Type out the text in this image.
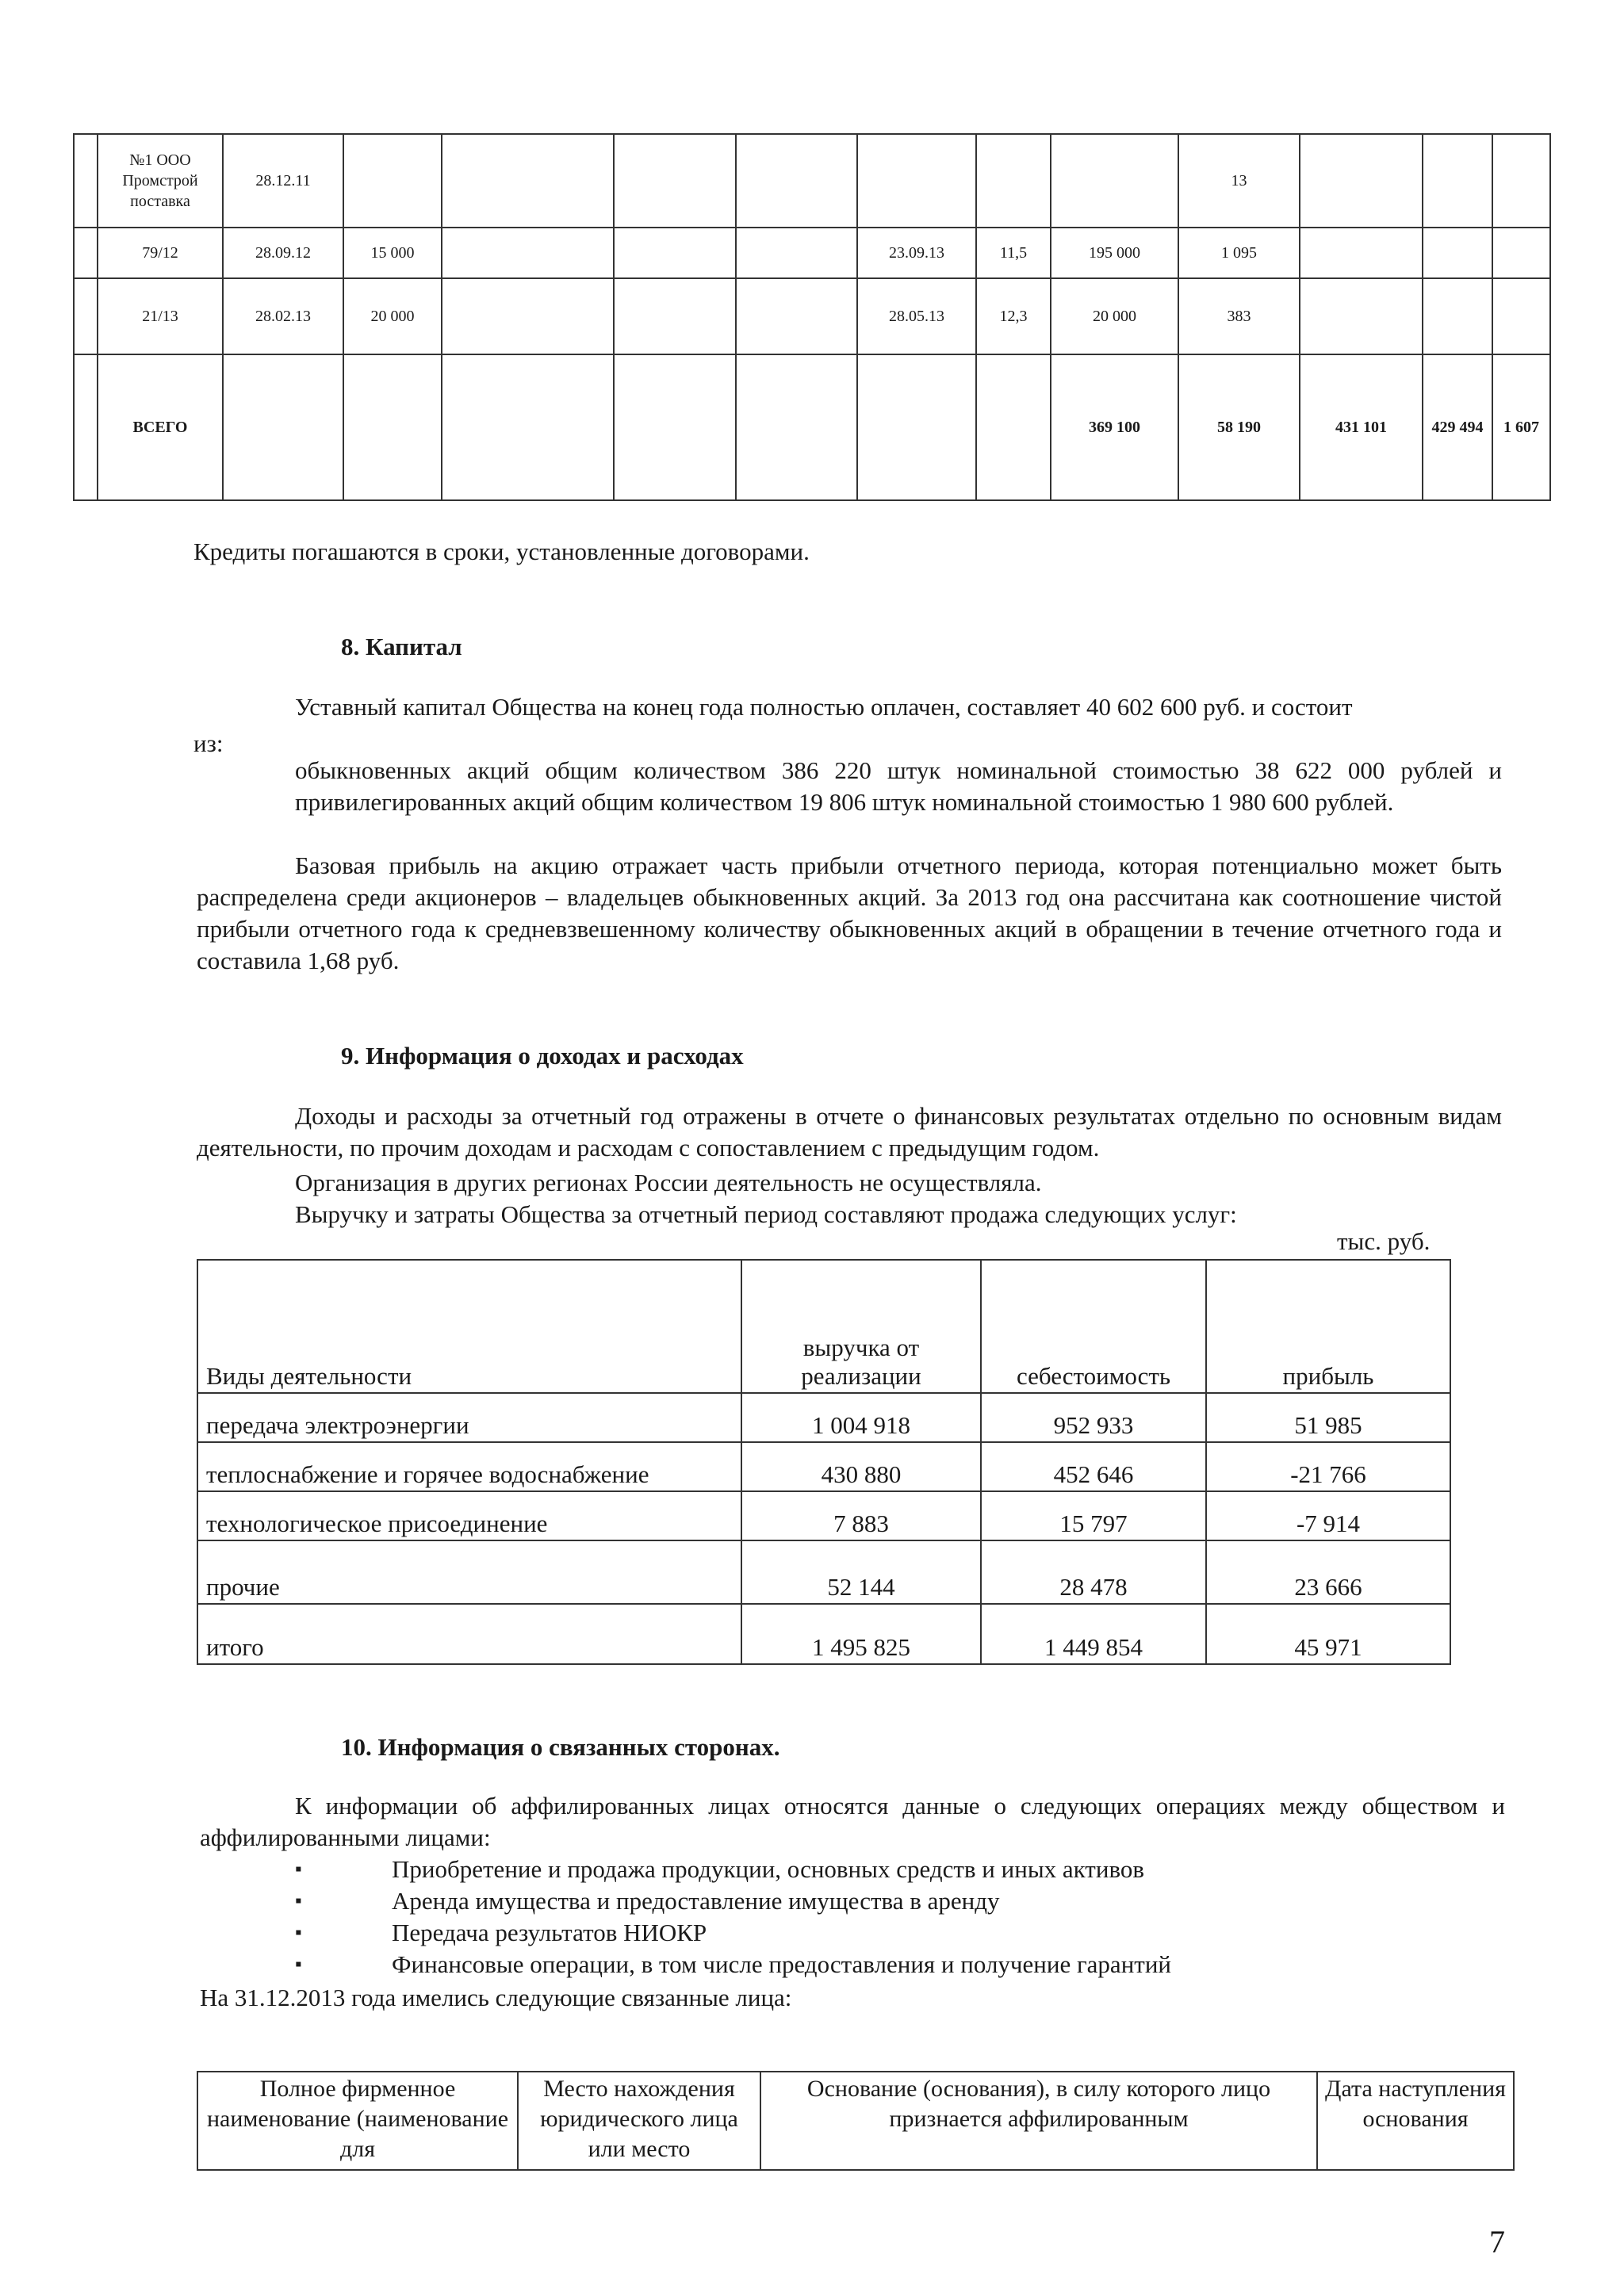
	№1 ООО Промстрой поставка	28.12.11								13			
	79/12	28.09.12	15 000				23.09.13	11,5	195 000	1 095			
	21/13	28.02.13	20 000				28.05.13	12,3	20 000	383			
	ВСЕГО								369 100	58 190	431 101	429 494	1 607

Кредиты погашаются в сроки, установленные договорами.

8. Капитал

Уставный капитал Общества на конец года полностью оплачен, составляет 40 602 600 руб. и состоит

из:

обыкновенных акций общим количеством 386 220 штук номинальной стоимостью 38 622 000 рублей и привилегированных акций общим количеством 19 806 штук номинальной стоимостью 1 980 600 рублей.

Базовая прибыль на акцию отражает часть прибыли отчетного периода, которая потенциально может быть распределена среди акционеров – владельцев обыкновенных акций. За 2013 год она рассчитана как соотношение чистой прибыли отчетного года к средневзвешенному количеству обыкновенных акций в обращении в течение отчетного года и составила 1,68 руб.

9. Информация о доходах и расходах

Доходы и расходы за отчетный год отражены в отчете о финансовых результатах отдельно по основным видам деятельности, по прочим доходам и расходам с сопоставлением с предыдущим годом.

Организация в других регионах России деятельность не осуществляла.

Выручку и затраты Общества за отчетный период составляют продажа следующих услуг:

тыс. руб.

Виды деятельности	выручка от реализации	себестоимость	прибыль
передача электроэнергии	1 004 918	952 933	51 985
теплоснабжение и горячее водоснабжение	430 880	452 646	-21 766
технологическое присоединение	7 883	15 797	-7 914
прочие	52 144	28 478	23 666
итого	1 495 825	1 449 854	45 971

10. Информация о связанных сторонах.

К информации об аффилированных лицах относятся данные о следующих операциях между обществом и аффилированными лицами:

▪	Приобретение и продажа продукции, основных средств и иных активов

▪	Аренда имущества и предоставление имущества в аренду

▪	Передача результатов НИОКР

▪	Финансовые операции, в том числе предоставления и получение гарантий

На 31.12.2013 года имелись следующие связанные лица:

Полное фирменное наименование (наименование для	Место нахождения юридического лица или место	Основание (основания), в силу которого лицо признается аффилированным	Дата наступления основания

7
